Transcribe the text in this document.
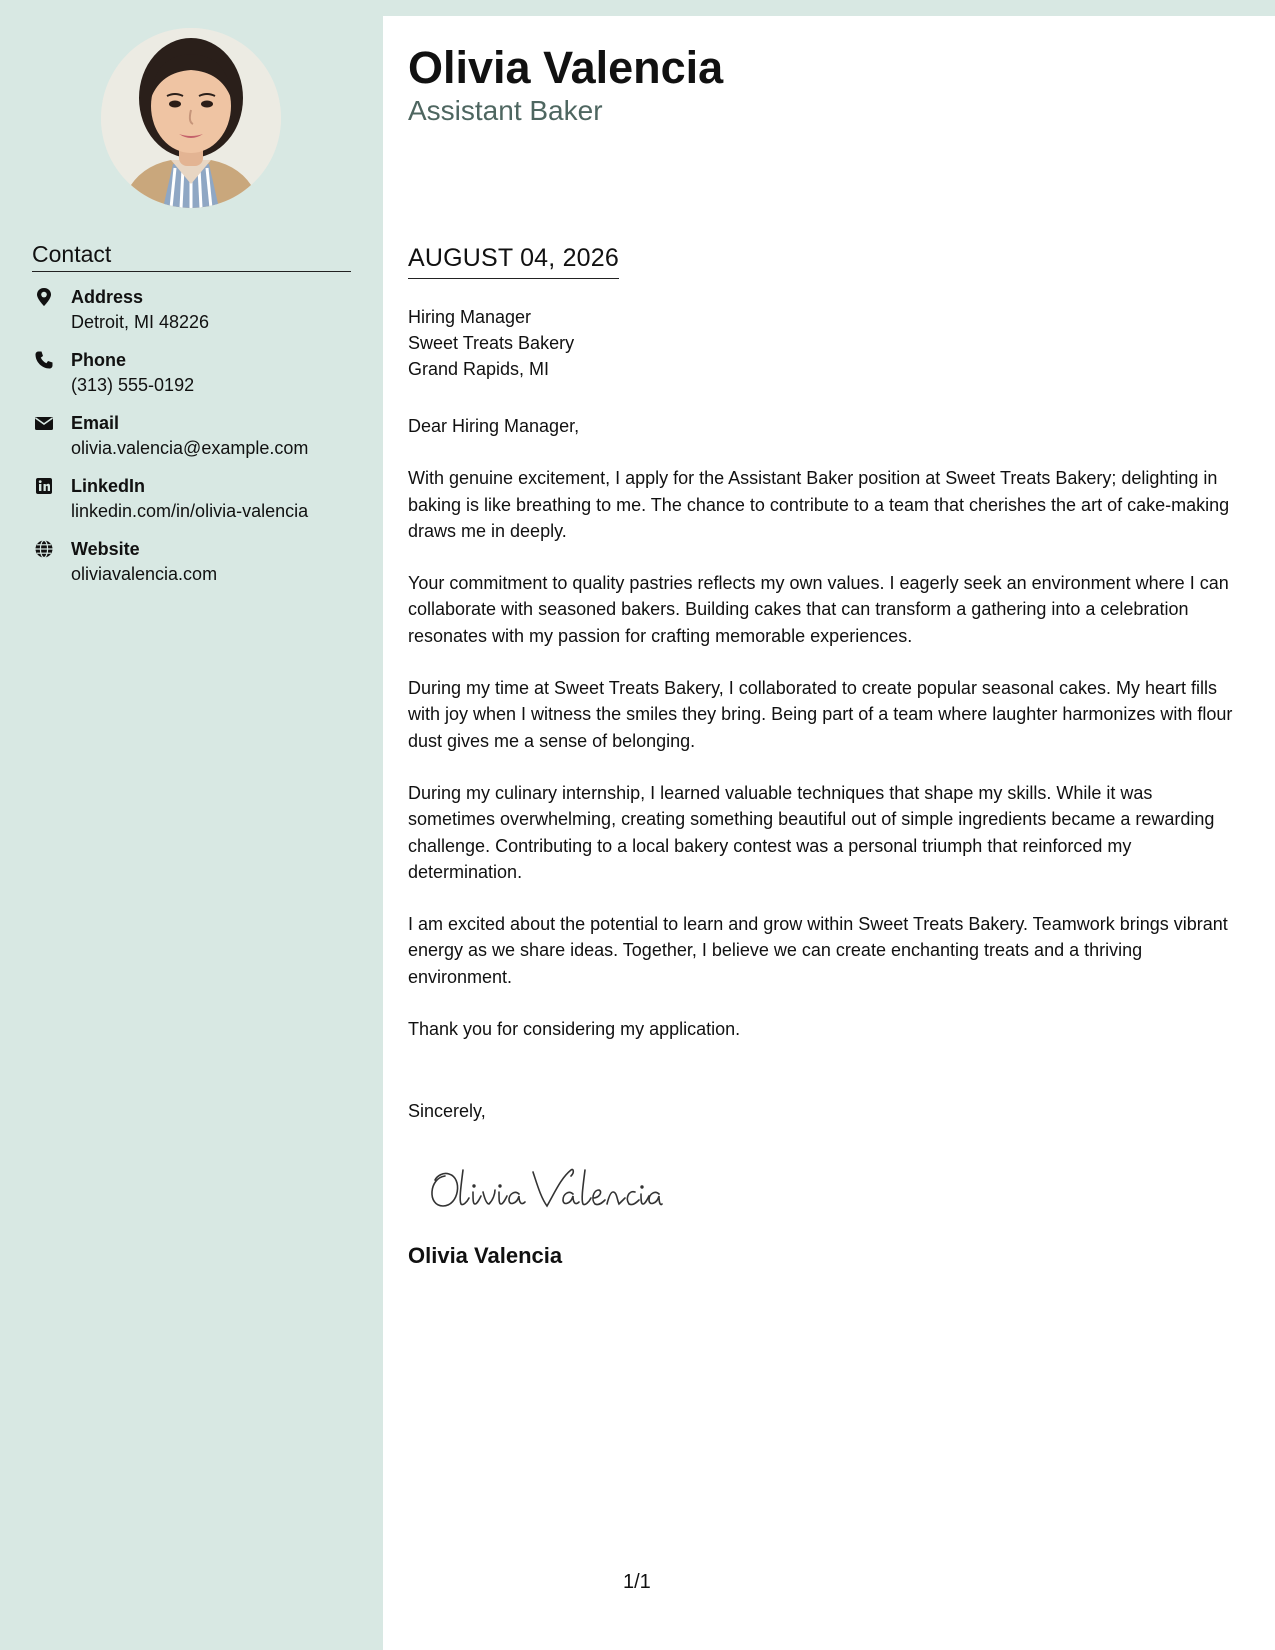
Contact
Address
Detroit, MI 48226
Phone
(313) 555-0192
Email
olivia.valencia@example.com
LinkedIn
linkedin.com/in/olivia-valencia
Website
oliviavalencia.com
Olivia Valencia
Assistant Baker
AUGUST 04, 2026
Hiring Manager
Sweet Treats Bakery
Grand Rapids, MI

Dear Hiring Manager,

With genuine excitement, I apply for the Assistant Baker position at Sweet Treats Bakery; delighting in baking is like breathing to me. The chance to contribute to a team that cherishes the art of cake-making draws me in deeply.

Your commitment to quality pastries reflects my own values. I eagerly seek an environment where I can collaborate with seasoned bakers. Building cakes that can transform a gathering into a celebration resonates with my passion for crafting memorable experiences.

During my time at Sweet Treats Bakery, I collaborated to create popular seasonal cakes. My heart fills with joy when I witness the smiles they bring. Being part of a team where laughter harmonizes with flour dust gives me a sense of belonging.

During my culinary internship, I learned valuable techniques that shape my skills. While it was sometimes overwhelming, creating something beautiful out of simple ingredients became a rewarding challenge. Contributing to a local bakery contest was a personal triumph that reinforced my determination.

I am excited about the potential to learn and grow within Sweet Treats Bakery. Teamwork brings vibrant energy as we share ideas. Together, I believe we can create enchanting treats and a thriving environment.

Thank you for considering my application.

Sincerely,
Olivia Valencia
1/1
